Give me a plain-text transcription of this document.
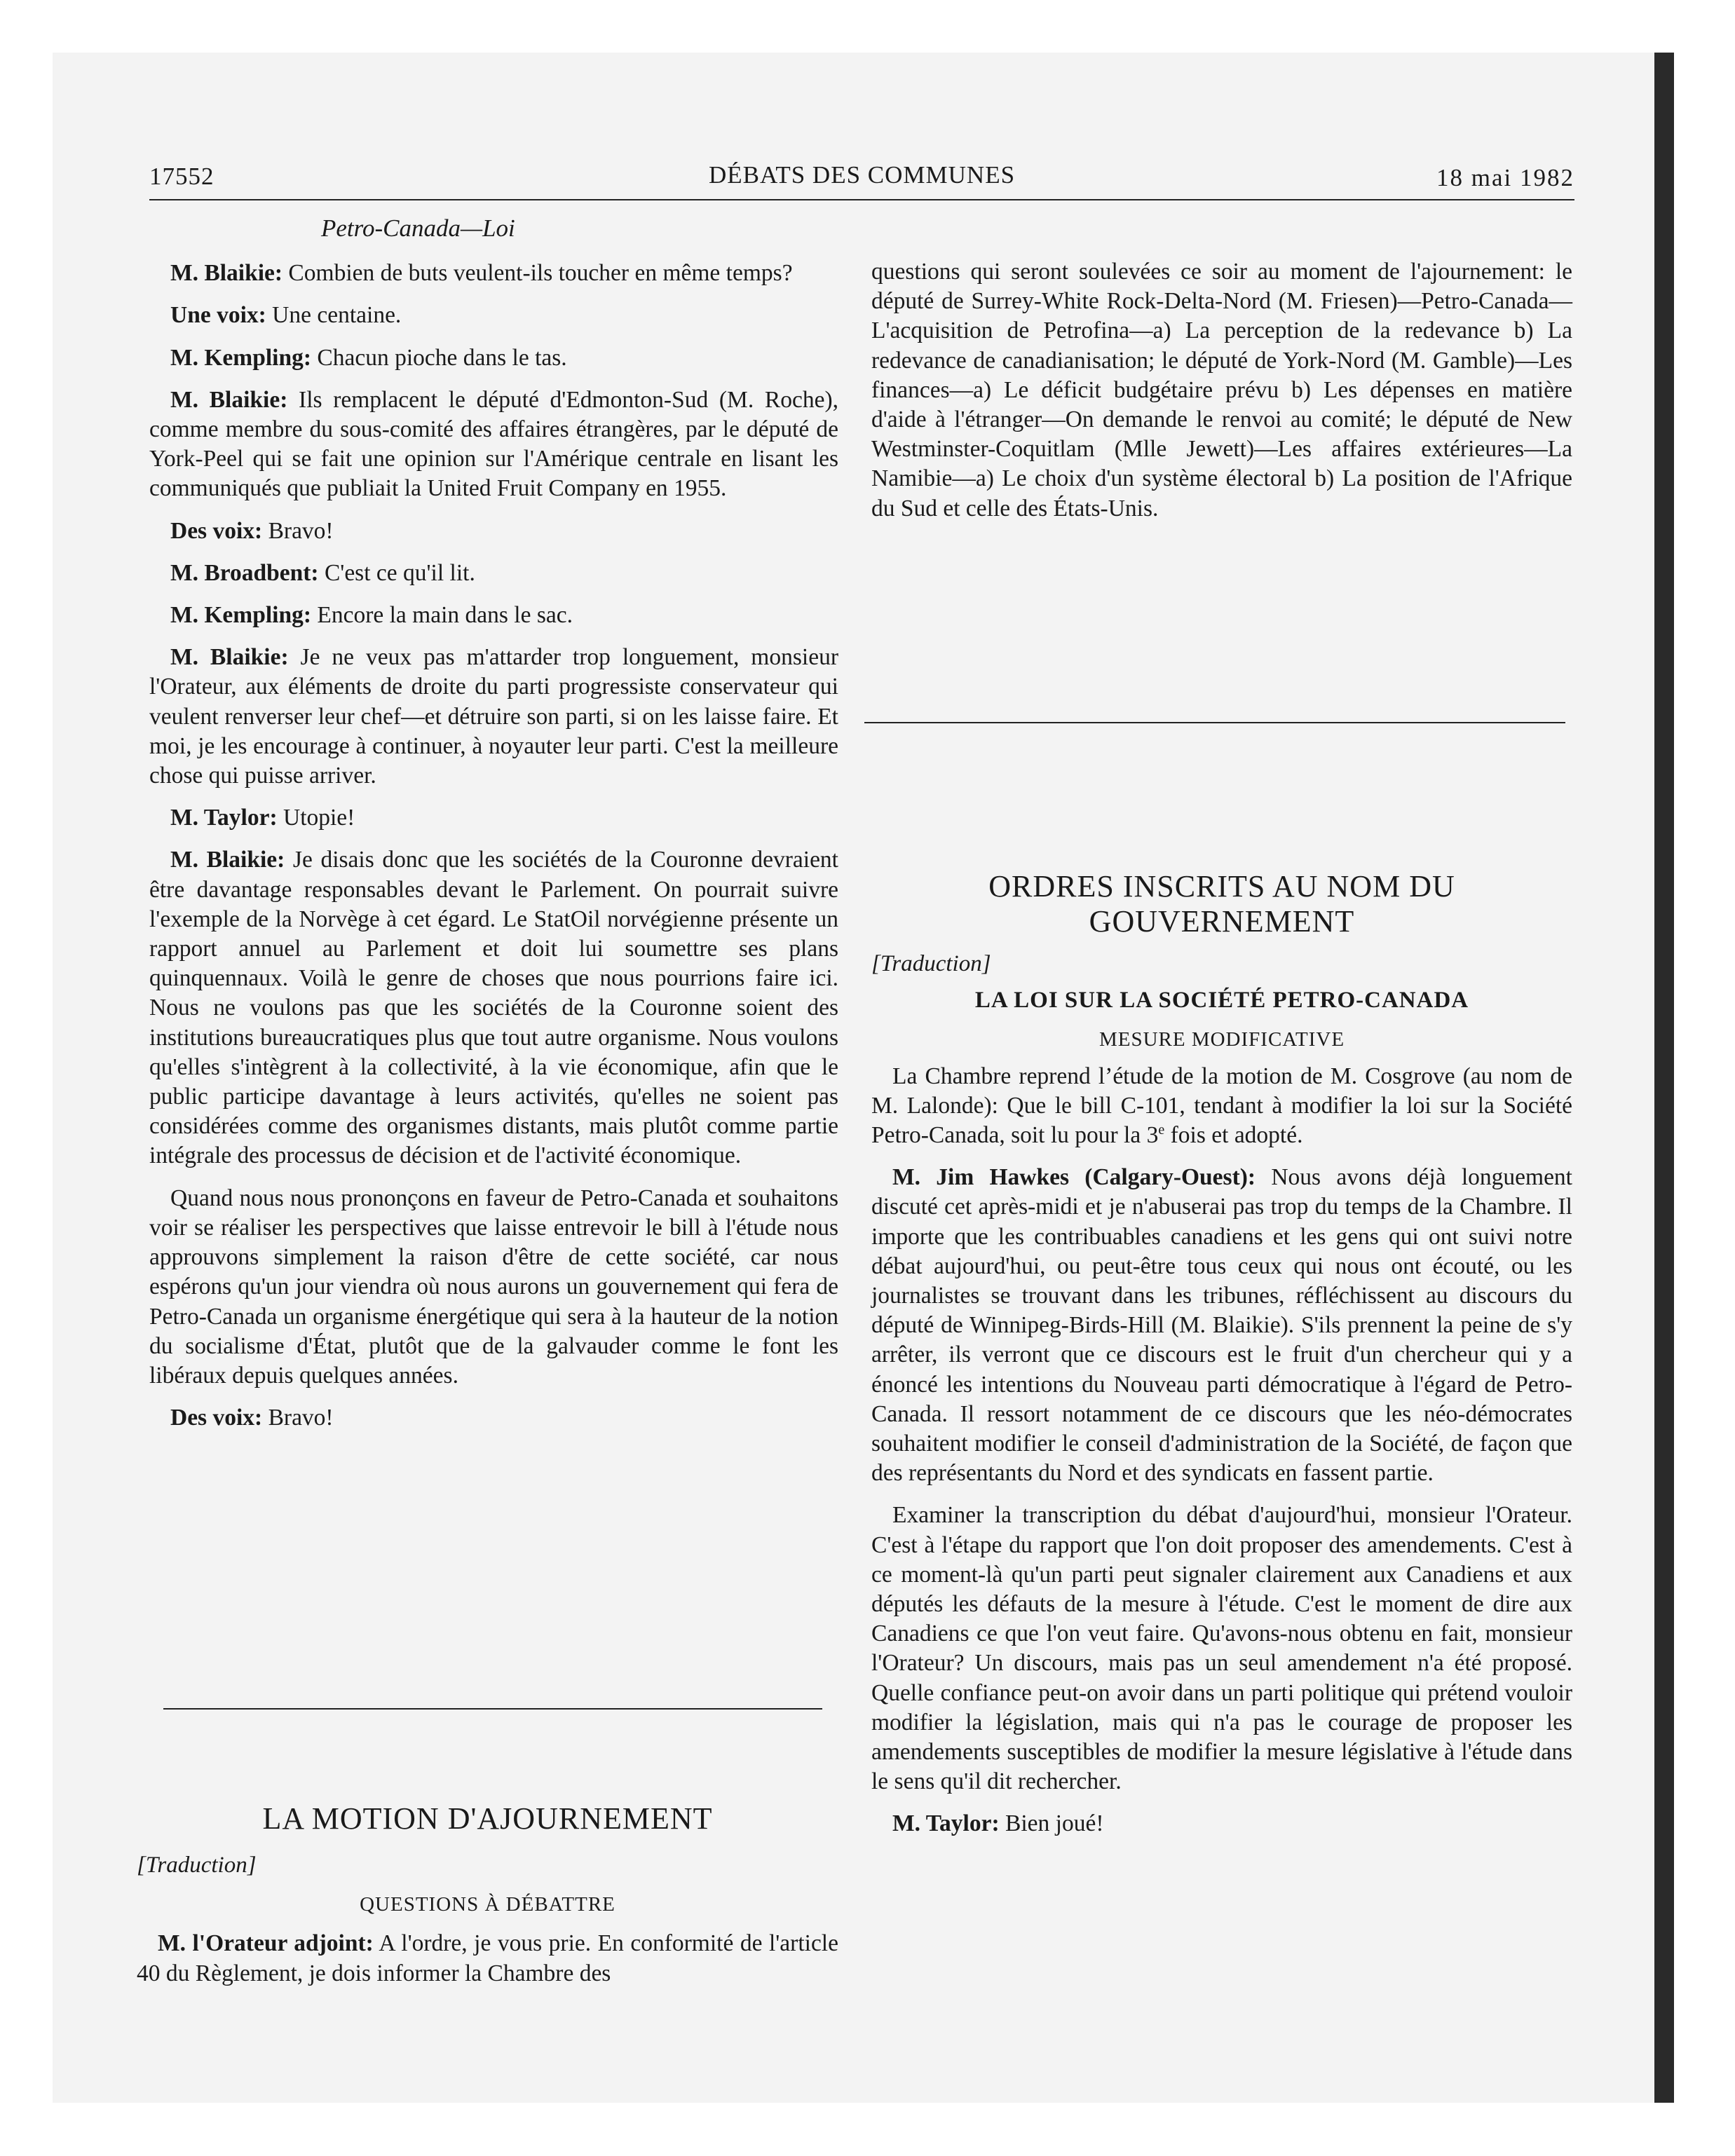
17552	DÉBATS DES COMMUNES	18 mai 1982
Petro-Canada—Loi

M. Blaikie: Combien de buts veulent-ils toucher en même temps?

Une voix: Une centaine.

M. Kempling: Chacun pioche dans le tas.

M. Blaikie: Ils remplacent le député d'Edmonton-Sud (M. Roche), comme membre du sous-comité des affaires étrangères, par le député de York-Peel qui se fait une opinion sur l'Amérique centrale en lisant les communiqués que publiait la United Fruit Company en 1955.

Des voix: Bravo!

M. Broadbent: C'est ce qu'il lit.

M. Kempling: Encore la main dans le sac.

M. Blaikie: Je ne veux pas m'attarder trop longuement, monsieur l'Orateur, aux éléments de droite du parti progressiste conservateur qui veulent renverser leur chef—et détruire son parti, si on les laisse faire. Et moi, je les encourage à continuer, à noyauter leur parti. C'est la meilleure chose qui puisse arriver.

M. Taylor: Utopie!

M. Blaikie: Je disais donc que les sociétés de la Couronne devraient être davantage responsables devant le Parlement. On pourrait suivre l'exemple de la Norvège à cet égard. Le StatOil norvégienne présente un rapport annuel au Parlement et doit lui soumettre ses plans quinquennaux. Voilà le genre de choses que nous pourrions faire ici. Nous ne voulons pas que les sociétés de la Couronne soient des institutions bureaucratiques plus que tout autre organisme. Nous voulons qu'elles s'intègrent à la collectivité, à la vie économique, afin que le public participe davantage à leurs activités, qu'elles ne soient pas considérées comme des organismes distants, mais plutôt comme partie intégrale des processus de décision et de l'activité économique.

Quand nous nous prononçons en faveur de Petro-Canada et souhaitons voir se réaliser les perspectives que laisse entrevoir le bill à l'étude nous approuvons simplement la raison d'être de cette société, car nous espérons qu'un jour viendra où nous aurons un gouvernement qui fera de Petro-Canada un organisme énergétique qui sera à la hauteur de la notion du socialisme d'État, plutôt que de la galvauder comme le font les libéraux depuis quelques années.

Des voix: Bravo!

LA MOTION D'AJOURNEMENT

[Traduction]

QUESTIONS À DÉBATTRE

M. l'Orateur adjoint: A l'ordre, je vous prie. En conformité de l'article 40 du Règlement, je dois informer la Chambre des

questions qui seront soulevées ce soir au moment de l'ajournement: le député de Surrey-White Rock-Delta-Nord (M. Friesen)—Petro-Canada—L'acquisition de Petrofina—a) La perception de la redevance b) La redevance de canadianisation; le député de York-Nord (M. Gamble)—Les finances—a) Le déficit budgétaire prévu b) Les dépenses en matière d'aide à l'étranger—On demande le renvoi au comité; le député de New Westminster-Coquitlam (Mlle Jewett)—Les affaires extérieures—La Namibie—a) Le choix d'un système électoral b) La position de l'Afrique du Sud et celle des États-Unis.

ORDRES INSCRITS AU NOM DU
GOUVERNEMENT

[Traduction]

LA LOI SUR LA SOCIÉTÉ PETRO-CANADA

MESURE MODIFICATIVE

La Chambre reprend l’étude de la motion de M. Cosgrove (au nom de M. Lalonde): Que le bill C-101, tendant à modifier la loi sur la Société Petro-Canada, soit lu pour la 3e fois et adopté.

M. Jim Hawkes (Calgary-Ouest): Nous avons déjà longuement discuté cet après-midi et je n'abuserai pas trop du temps de la Chambre. Il importe que les contribuables canadiens et les gens qui ont suivi notre débat aujourd'hui, ou peut-être tous ceux qui nous ont écouté, ou les journalistes se trouvant dans les tribunes, réfléchissent au discours du député de Winnipeg-Birds-Hill (M. Blaikie). S'ils prennent la peine de s'y arrêter, ils verront que ce discours est le fruit d'un chercheur qui y a énoncé les intentions du Nouveau parti démocratique à l'égard de Petro-Canada. Il ressort notamment de ce discours que les néo-démocrates souhaitent modifier le conseil d'administration de la Société, de façon que des représentants du Nord et des syndicats en fassent partie.

Examiner la transcription du débat d'aujourd'hui, monsieur l'Orateur. C'est à l'étape du rapport que l'on doit proposer des amendements. C'est à ce moment-là qu'un parti peut signaler clairement aux Canadiens et aux députés les défauts de la mesure à l'étude. C'est le moment de dire aux Canadiens ce que l'on veut faire. Qu'avons-nous obtenu en fait, monsieur l'Orateur? Un discours, mais pas un seul amendement n'a été proposé. Quelle confiance peut-on avoir dans un parti politique qui prétend vouloir modifier la législation, mais qui n'a pas le courage de proposer les amendements susceptibles de modifier la mesure législative à l'étude dans le sens qu'il dit rechercher.

M. Taylor: Bien joué!
